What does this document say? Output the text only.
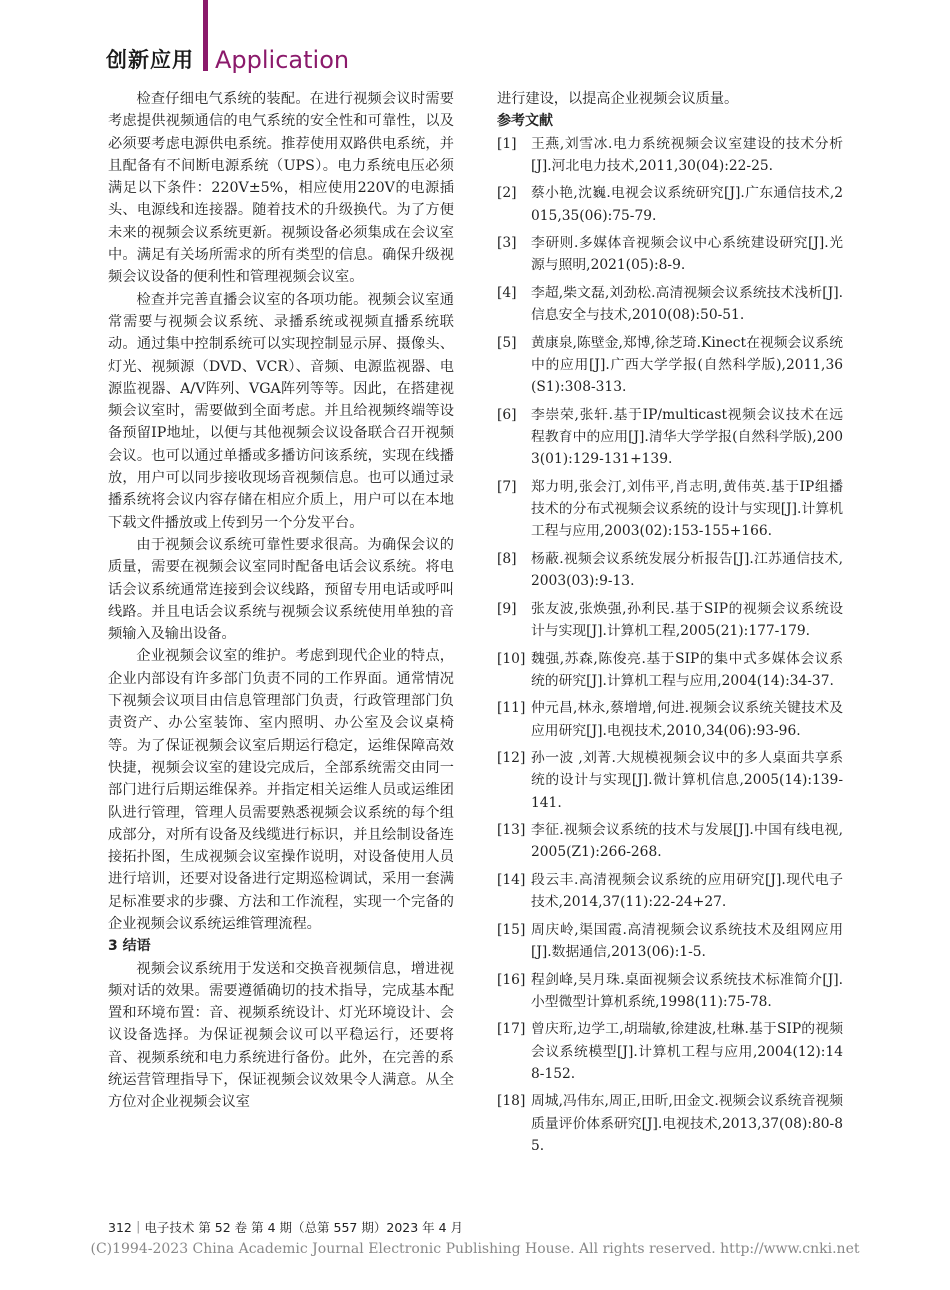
创新应用 Application

检查仔细电气系统的装配。在进行视频会议时需要考虑提供视频通信的电气系统的安全性和可靠性，以及必须要考虑电源供电系统。推荐使用双路供电系统，并且配备有不间断电源系统（UPS）。电力系统电压必须满足以下条件：220V±5%，相应使用220V的电源插头、电源线和连接器。随着技术的升级换代。为了方便未来的视频会议系统更新。视频设备必须集成在会议室中。满足有关场所需求的所有类型的信息。确保升级视频会议设备的便利性和管理视频会议室。

检查并完善直播会议室的各项功能。视频会议室通常需要与视频会议系统、录播系统或视频直播系统联动。通过集中控制系统可以实现控制显示屏、摄像头、灯光、视频源（DVD、VCR）、音频、电源监视器、电源监视器、A/V阵列、VGA阵列等等。因此，在搭建视频会议室时，需要做到全面考虑。并且给视频终端等设备预留IP地址，以便与其他视频会议设备联合召开视频会议。也可以通过单播或多播访问该系统，实现在线播放，用户可以同步接收现场音视频信息。也可以通过录播系统将会议内容存储在相应介质上，用户可以在本地下载文件播放或上传到另一个分发平台。

由于视频会议系统可靠性要求很高。为确保会议的质量，需要在视频会议室同时配备电话会议系统。将电话会议系统通常连接到会议线路，预留专用电话或呼叫线路。并且电话会议系统与视频会议系统使用单独的音频输入及输出设备。

企业视频会议室的维护。考虑到现代企业的特点，企业内部设有许多部门负责不同的工作界面。通常情况下视频会议项目由信息管理部门负责，行政管理部门负责资产、办公室装饰、室内照明、办公室及会议桌椅等。为了保证视频会议室后期运行稳定，运维保障高效快捷，视频会议室的建设完成后，全部系统需交由同一部门进行后期运维保养。并指定相关运维人员或运维团队进行管理，管理人员需要熟悉视频会议系统的每个组成部分，对所有设备及线缆进行标识，并且绘制设备连接拓扑图，生成视频会议室操作说明，对设备使用人员进行培训，还要对设备进行定期巡检调试，采用一套满足标准要求的步骤、方法和工作流程，实现一个完备的企业视频会议系统运维管理流程。

3 结语

视频会议系统用于发送和交换音视频信息，增进视频对话的效果。需要遵循确切的技术指导，完成基本配置和环境布置：音、视频系统设计、灯光环境设计、会议设备选择。为保证视频会议可以平稳运行，还要将音、视频系统和电力系统进行备份。此外，在完善的系统运营管理指导下，保证视频会议效果令人满意。从全方位对企业视频会议室

进行建设，以提高企业视频会议质量。

参考文献
[1]	王燕,刘雪冰.电力系统视频会议室建设的技术分析[J].河北电力技术,2011,30(04):22-25.
[2]	蔡小艳,沈巍.电视会议系统研究[J].广东通信技术,2015,35(06):75-79.
[3]	李研则.多媒体音视频会议中心系统建设研究[J].光源与照明,2021(05):8-9.
[4]	李超,柴文磊,刘劲松.高清视频会议系统技术浅析[J].信息安全与技术,2010(08):50-51.
[5]	黄康泉,陈壁金,郑博,徐芝琦.Kinect在视频会议系统中的应用[J].广西大学学报(自然科学版),2011,36(S1):308-313.
[6]	李崇荣,张轩.基于IP/multicast视频会议技术在远程教育中的应用[J].清华大学学报(自然科学版),2003(01):129-131+139.
[7]	郑力明,张会汀,刘伟平,肖志明,黄伟英.基于IP组播技术的分布式视频会议系统的设计与实现[J].计算机工程与应用,2003(02):153-155+166.
[8]	杨蔽.视频会议系统发展分析报告[J].江苏通信技术,2003(03):9-13.
[9]	张友波,张焕强,孙利民.基于SIP的视频会议系统设计与实现[J].计算机工程,2005(21):177-179.
[10] 魏强,苏森,陈俊亮.基于SIP的集中式多媒体会议系统的研究[J].计算机工程与应用,2004(14):34-37.
[11] 仲元昌,林永,蔡增增,何进.视频会议系统关键技术及应用研究[J].电视技术,2010,34(06):93-96.
[12] 孙一波 ,刘菁.大规模视频会议中的多人桌面共享系统的设计与实现[J].微计算机信息,2005(14):139-141.
[13] 李征.视频会议系统的技术与发展[J].中国有线电视,2005(Z1):266-268.
[14] 段云丰.高清视频会议系统的应用研究[J].现代电子技术,2014,37(11):22-24+27.
[15] 周庆岭,渠国霞.高清视频会议系统技术及组网应用[J].数据通信,2013(06):1-5.
[16] 程剑峰,吴月珠.桌面视频会议系统技术标准简介[J].小型微型计算机系统,1998(11):75-78.
[17] 曾庆珩,边学工,胡瑞敏,徐建波,杜琳.基于SIP的视频会议系统模型[J].计算机工程与应用,2004(12):148-152.
[18] 周城,冯伟东,周正,田昕,田金文.视频会议系统音视频质量评价体系研究[J].电视技术,2013,37(08):80-85.
312｜电子技术 第 52 卷 第 4 期（总第 557 期）2023 年 4 月
(C)1994-2023 China Academic Journal Electronic Publishing House. All rights reserved. http://www.cnki.net
